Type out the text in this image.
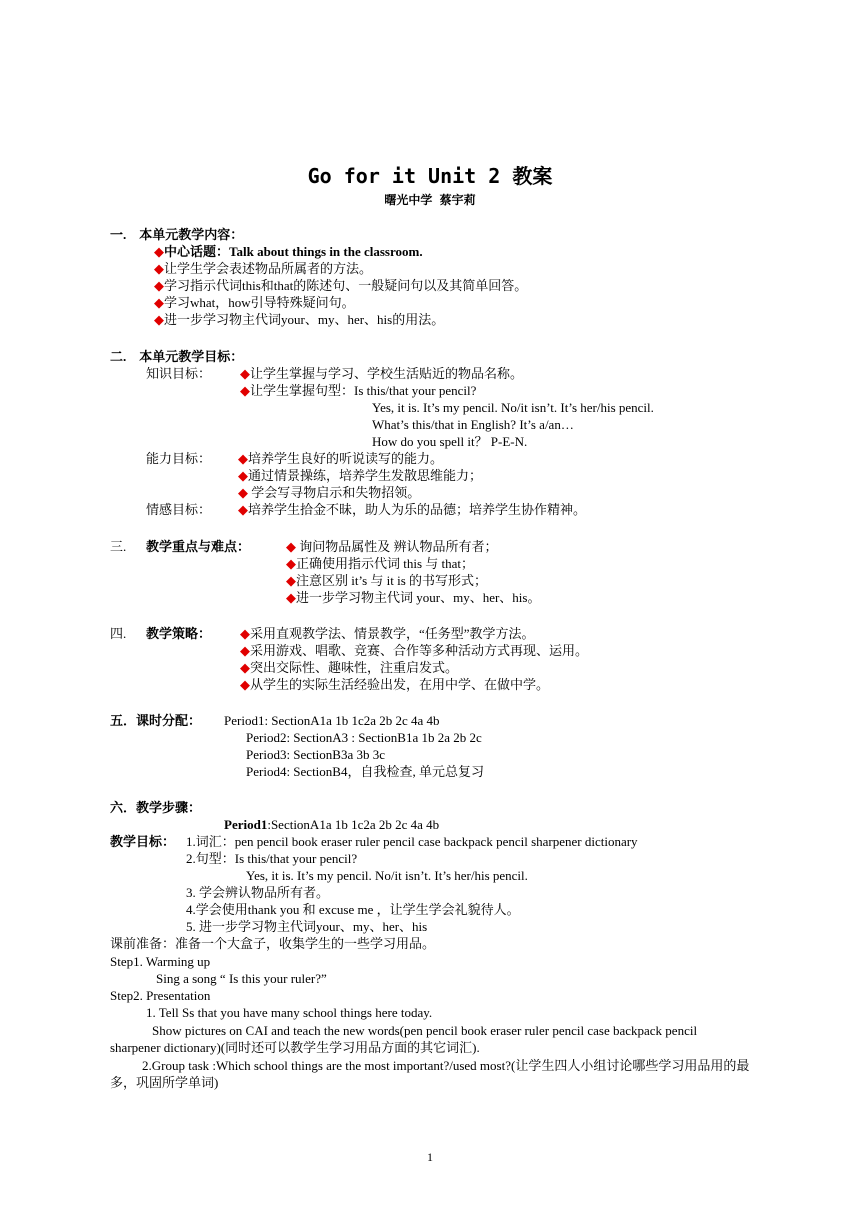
Go for it Unit 2 教案
曙光中学 蔡宇莉
一.　本单元教学内容：
◆中心话题：Talk about things in the classroom.
◆让学生学会表述物品所属者的方法。
◆学习指示代词this和that的陈述句、一般疑问句以及其简单回答。
◆学习what，how引导特殊疑问句。
◆进一步学习物主代词your、my、her、his的用法。
二.　本单元教学目标：
知识目标： ◆让学生掌握与学习、学校生活贴近的物品名称。
◆让学生掌握句型：Is this/that your pencil?
Yes, it is. It’s my pencil. No/it isn’t. It’s her/his pencil.
What’s this/that in English? It’s a/an…
How do you spell it？ P-E-N.
能力目标： ◆培养学生良好的听说读写的能力。
◆通过情景操练，培养学生发散思维能力；
◆ 学会写寻物启示和失物招领。
情感目标： ◆培养学生拾金不昧，助人为乐的品德；培养学生协作精神。
三. 教学重点与难点：	◆ 询问物品属性及 辨认物品所有者；
◆正确使用指示代词 this 与 that；
◆注意区别 it’s 与 it is 的书写形式；
◆进一步学习物主代词 your、my、her、his。
四. 教学策略： ◆采用直观教学法、情景教学，“任务型”教学方法。
◆采用游戏、唱歌、竞赛、合作等多种活动方式再现、运用。
◆突出交际性、趣味性，注重启发式。
◆从学生的实际生活经验出发，在用中学、在做中学。
五．课时分配： Period1: SectionA1a 1b 1c2a 2b 2c 4a 4b
Period2: SectionA3 : SectionB1a 1b 2a 2b 2c
Period3: SectionB3a 3b 3c
Period4: SectionB4，自我检查, 单元总复习
六．教学步骤：
Period1:SectionA1a 1b 1c2a 2b 2c 4a 4b
教学目标： 1.词汇：pen pencil book eraser ruler pencil case backpack pencil sharpener dictionary
2.句型：Is this/that your pencil?
Yes, it is. It’s my pencil. No/it isn’t. It’s her/his pencil.
3. 学会辨认物品所有者。
4.学会使用thank you 和 excuse me ，让学生学会礼貌待人。
5. 进一步学习物主代词your、my、her、his
课前准备：准备一个大盒子，收集学生的一些学习用品。
Step1. Warming up
Sing a song “ Is this your ruler?”
Step2. Presentation
1. Tell Ss that you have many school things here today.
Show pictures on CAI and teach the new words(pen pencil book eraser ruler pencil case backpack pencil sharpener dictionary)(同时还可以教学生学习用品方面的其它词汇).
2.Group task :Which school things are the most important?/used most?(让学生四人小组讨论哪些学习用品用的最多，巩固所学单词)
1
